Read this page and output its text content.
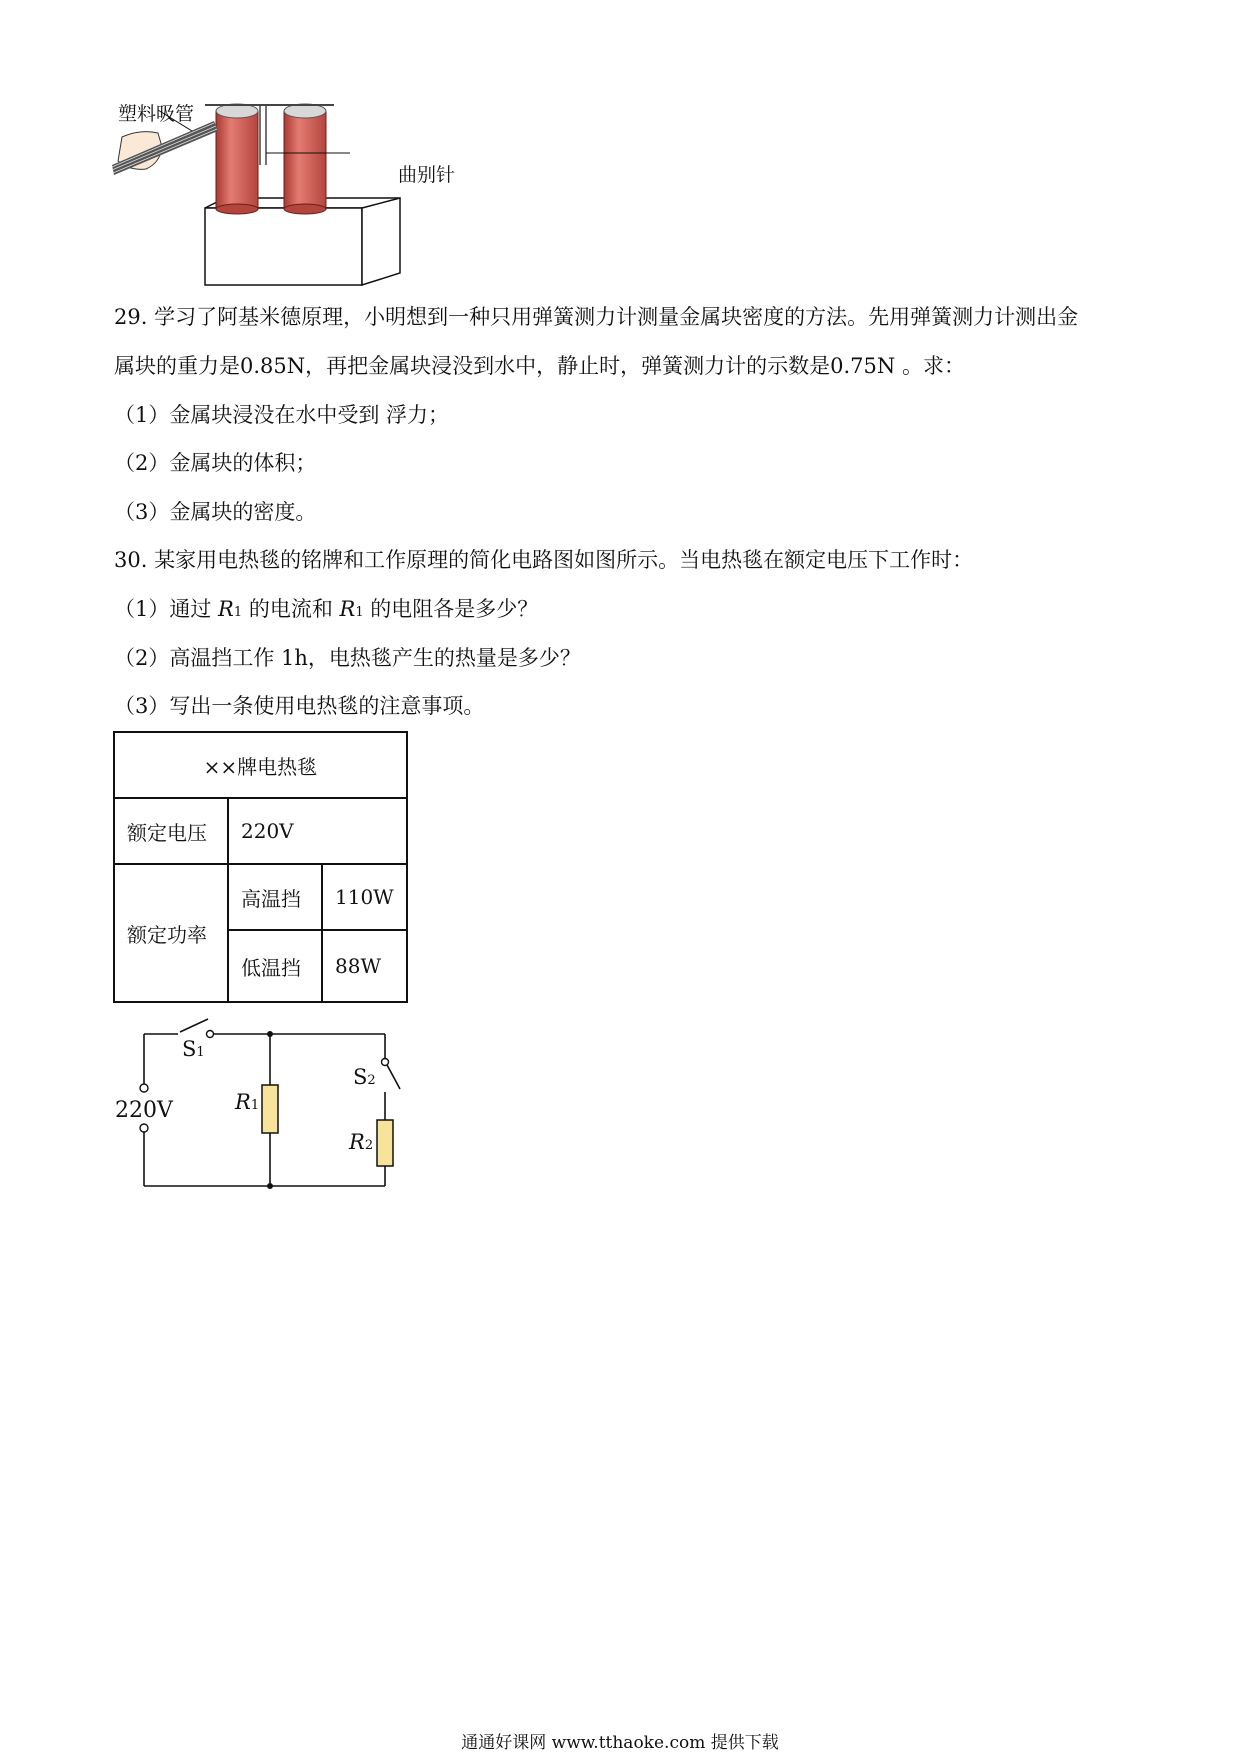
塑料吸管
曲别针
29. 学习了阿基米德原理，小明想到一种只用弹簧测力计测量金属块密度的方法。先用弹簧测力计测出金
属块的重力是0.85N，再把金属块浸没到水中，静止时，弹簧测力计的示数是0.75N 。求：
（1）金属块浸没在水中受到 浮力；
（2）金属块的体积；
（3）金属块的密度。
30. 某家用电热毯的铭牌和工作原理的简化电路图如图所示。当电热毯在额定电压下工作时：
（1）通过 R1 的电流和 R1 的电阻各是多少？
（2）高温挡工作 1h，电热毯产生的热量是多少？
（3）写出一条使用电热毯的注意事项。
××牌电热毯		
额定电压	220V	
额定功率	高温挡	110W
	低温挡	88W
220V
S1
S2
R1
R2
通通好课网 www.tthaoke.com 提供下载
